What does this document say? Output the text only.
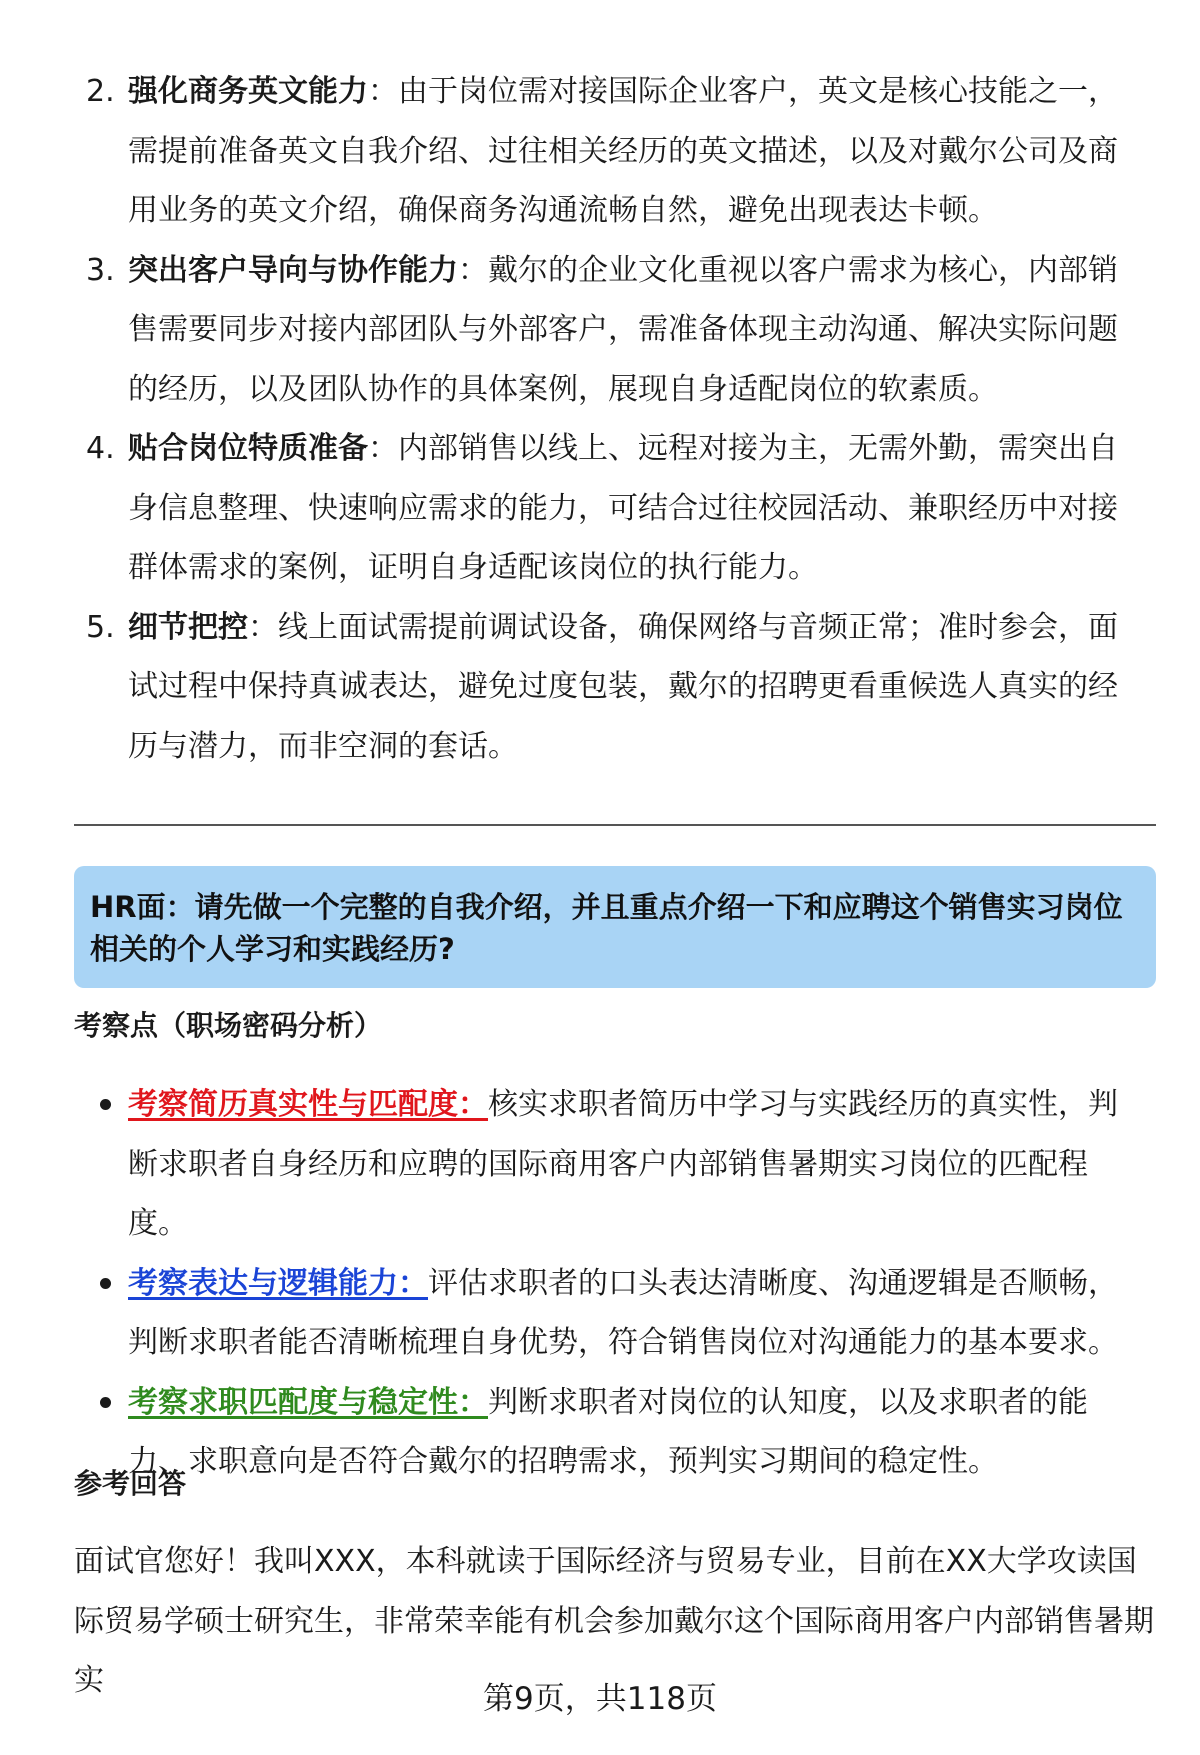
2. 强化商务英文能力：由于岗位需对接国际企业客户，英文是核心技能之一，需提前准备英文自我介绍、过往相关经历的英文描述，以及对戴尔公司及商用业务的英文介绍，确保商务沟通流畅自然，避免出现表达卡顿。
3. 突出客户导向与协作能力：戴尔的企业文化重视以客户需求为核心，内部销售需要同步对接内部团队与外部客户，需准备体现主动沟通、解决实际问题的经历，以及团队协作的具体案例，展现自身适配岗位的软素质。
4. 贴合岗位特质准备：内部销售以线上、远程对接为主，无需外勤，需突出自身信息整理、快速响应需求的能力，可结合过往校园活动、兼职经历中对接群体需求的案例，证明自身适配该岗位的执行能力。
5. 细节把控：线上面试需提前调试设备，确保网络与音频正常；准时参会，面试过程中保持真诚表达，避免过度包装，戴尔的招聘更看重候选人真实的经历与潜力，而非空洞的套话。
HR面：请先做一个完整的自我介绍，并且重点介绍一下和应聘这个销售实习岗位相关的个人学习和实践经历?
考察点（职场密码分析）
考察简历真实性与匹配度：核实求职者简历中学习与实践经历的真实性，判断求职者自身经历和应聘的国际商用客户内部销售暑期实习岗位的匹配程度。
考察表达与逻辑能力：评估求职者的口头表达清晰度、沟通逻辑是否顺畅，判断求职者能否清晰梳理自身优势，符合销售岗位对沟通能力的基本要求。
考察求职匹配度与稳定性：判断求职者对岗位的认知度，以及求职者的能力、求职意向是否符合戴尔的招聘需求，预判实习期间的稳定性。
参考回答

面试官您好！我叫XXX，本科就读于国际经济与贸易专业，目前在XX大学攻读国际贸易学硕士研究生，非常荣幸能有机会参加戴尔这个国际商用客户内部销售暑期实

第9页，共118页
